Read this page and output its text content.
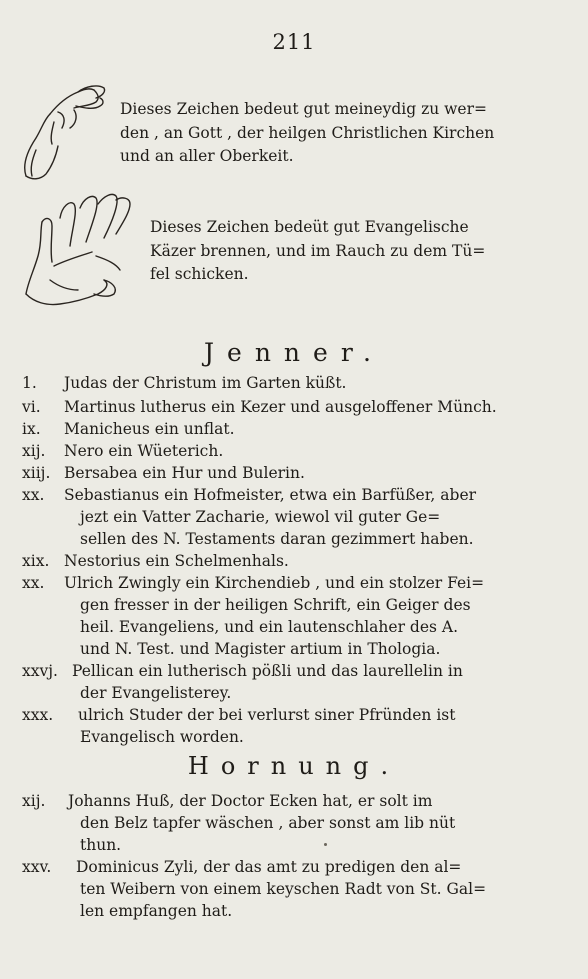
211
Dieses Zeichen bedeut gut meineydig zu wer=
den , an Gott , der heilgen Christlichen Kirchen
und an aller Oberkeit.
Dieses Zeichen bedeüt gut Evangelische
Käzer brennen, und im Rauch zu dem Tü=
fel schicken.
Jenner.
1. Judas der Christum im Garten küßt.
vi. Martinus lutherus ein Kezer und ausgeloffener Münch.
ix. Manicheus ein unflat.
xij. Nero ein Wüeterich.
xiij. Bersabea ein Hur und Bulerin.
xx. Sebastianus ein Hofmeister, etwa ein Barfüßer, aber
jezt ein Vatter Zacharie, wiewol vil guter Ge=
sellen des N. Testaments daran gezimmert haben.
xix. Nestorius ein Schelmenhals.
xx. Ulrich Zwingly ein Kirchendieb , und ein stolzer Fei=
gen fresser in der heiligen Schrift, ein Geiger des
heil. Evangeliens, und ein lautenschlaher des A.
und N. Test. und Magister artium in Thologia.
xxvj. Pellican ein lutherisch pößli und das laurellelin in
der Evangelisterey.
xxx. ulrich Studer der bei verlurst siner Pfründen ist
Evangelisch worden.
Hornung.
xij. Johanns Huß, der Doctor Ecken hat, er solt im
den Belz tapfer wäschen , aber sonst am lib nüt
thun.
xxv. Dominicus Zyli, der das amt zu predigen den al=
ten Weibern von einem keyschen Radt von St. Gal=
len empfangen hat.
